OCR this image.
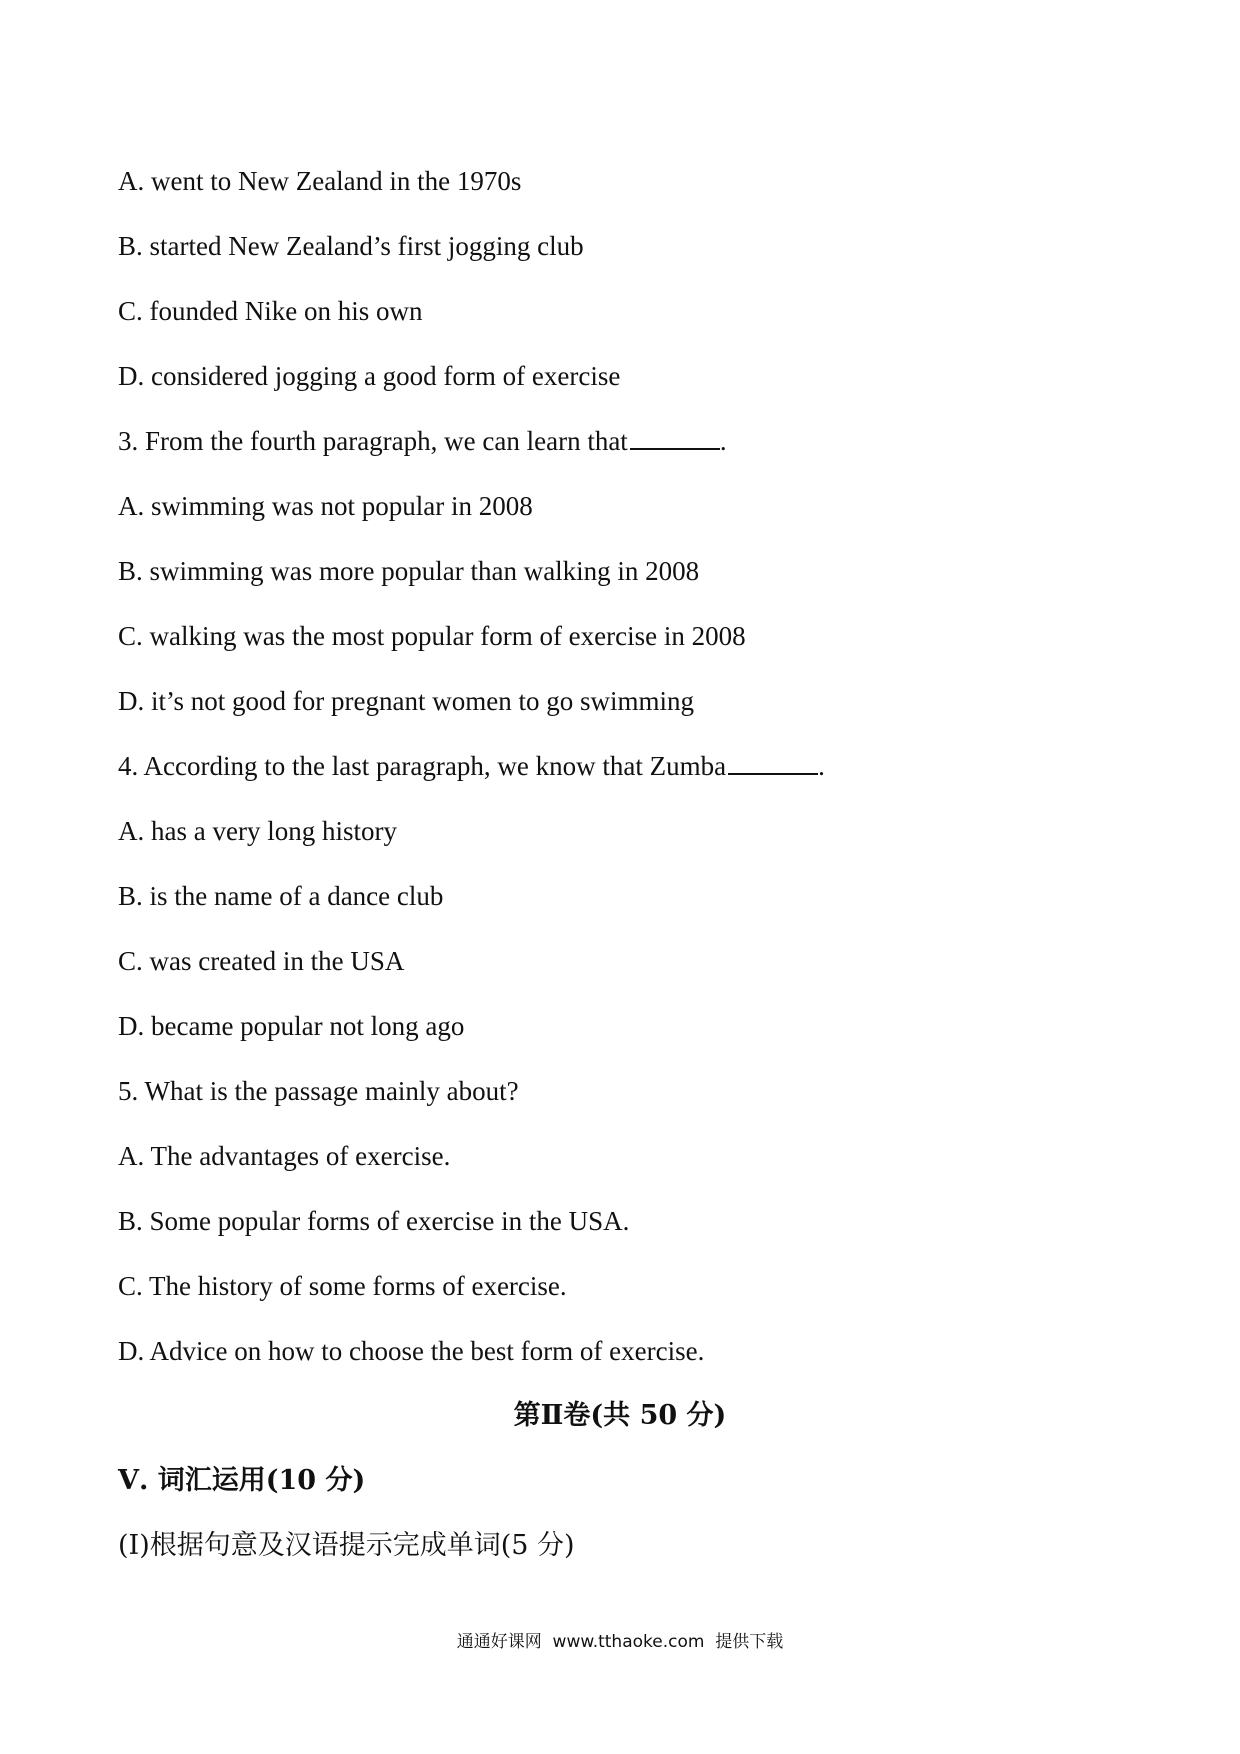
A. went to New Zealand in the 1970s
B. started New Zealand’s first jogging club
C. founded Nike on his own
D. considered jogging a good form of exercise
3. From the fourth paragraph, we can learn that	.
A. swimming was not popular in 2008
B. swimming was more popular than walking in 2008
C. walking was the most popular form of exercise in 2008
D. it’s not good for pregnant women to go swimming
4. According to the last paragraph, we know that Zumba	.
A. has a very long history
B. is the name of a dance club
C. was created in the USA
D. became popular not long ago
5. What is the passage mainly about?
A. The advantages of exercise.
B. Some popular forms of exercise in the USA.
C. The history of some forms of exercise.
D. Advice on how to choose the best form of exercise.
第Ⅱ卷(共 50 分)
Ⅴ. 词汇运用(10 分)
(Ⅰ)根据句意及汉语提示完成单词(5 分)
通通好课网  www.tthaoke.com  提供下载
